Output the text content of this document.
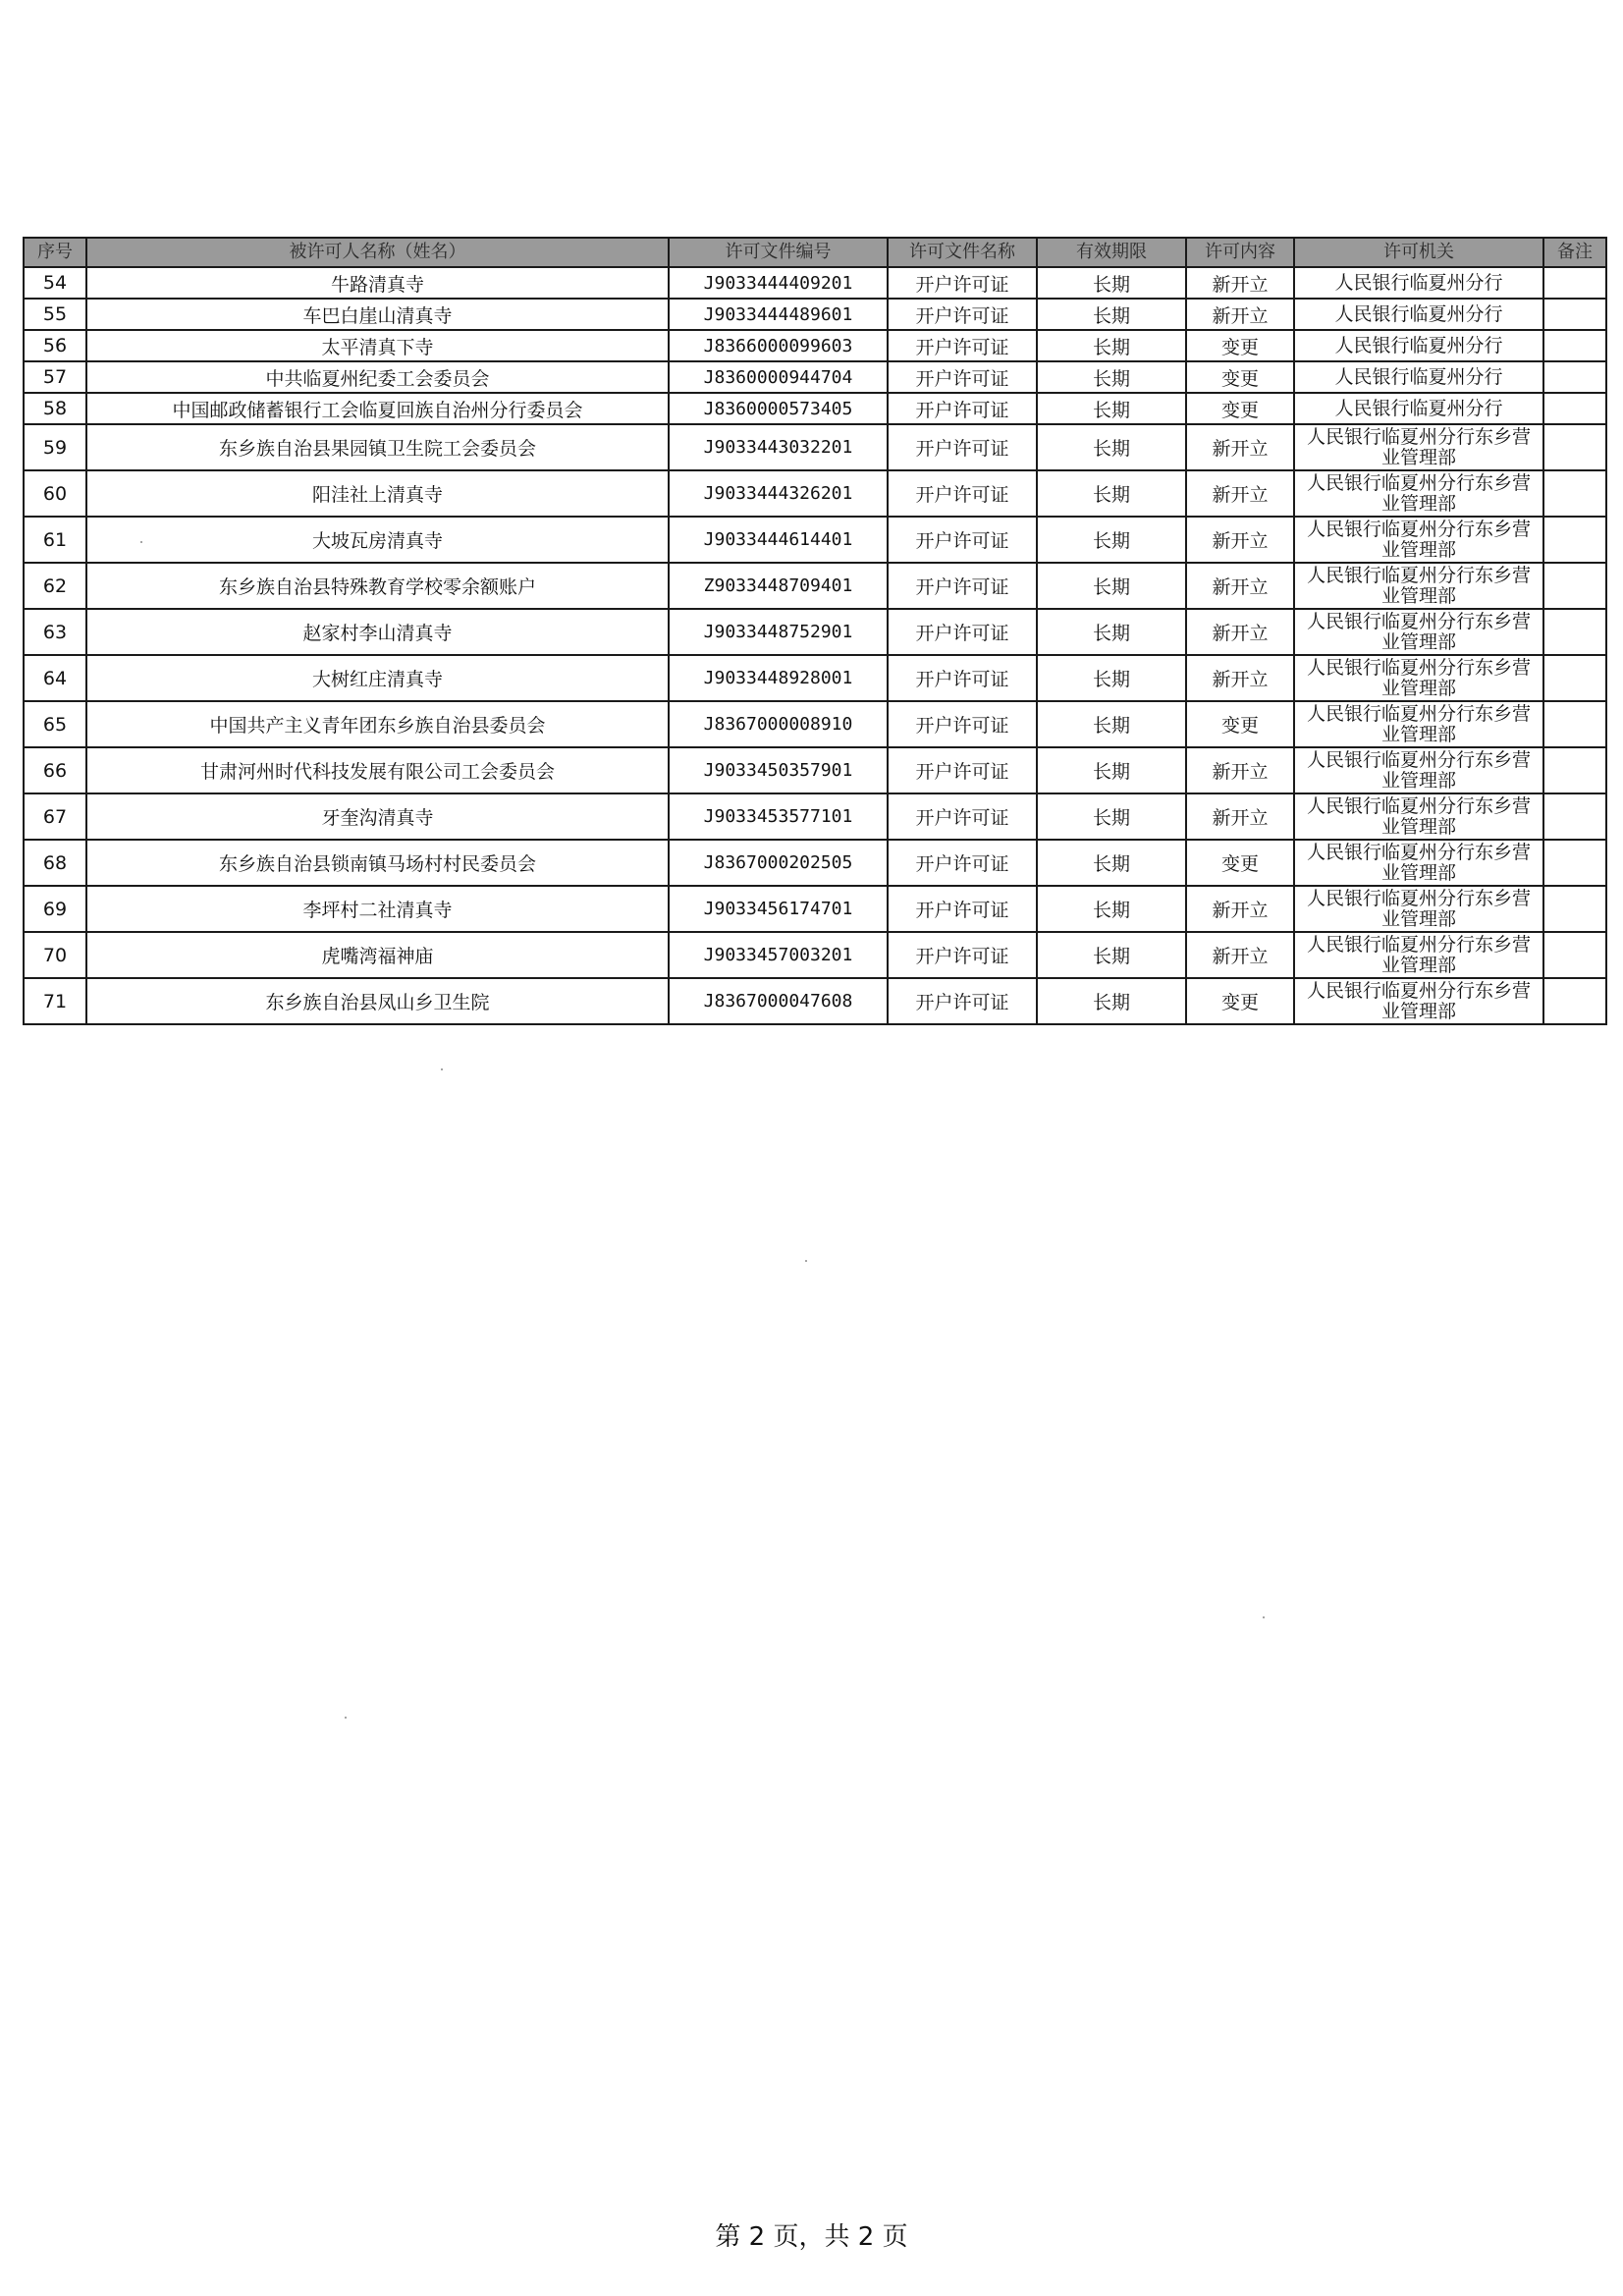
序号	被许可人名称（姓名）	许可文件编号	许可文件名称	有效期限	许可内容	许可机关	备注
54	牛路清真寺	J9033444409201	开户许可证	长期	新开立	人民银行临夏州分行	
55	车巴白崖山清真寺	J9033444489601	开户许可证	长期	新开立	人民银行临夏州分行	
56	太平清真下寺	J8366000099603	开户许可证	长期	变更	人民银行临夏州分行	
57	中共临夏州纪委工会委员会	J8360000944704	开户许可证	长期	变更	人民银行临夏州分行	
58	中国邮政储蓄银行工会临夏回族自治州分行委员会	J8360000573405	开户许可证	长期	变更	人民银行临夏州分行	
59	东乡族自治县果园镇卫生院工会委员会	J9033443032201	开户许可证	长期	新开立	人民银行临夏州分行东乡营业管理部	
60	阳洼社上清真寺	J9033444326201	开户许可证	长期	新开立	人民银行临夏州分行东乡营业管理部	
61	大坡瓦房清真寺	J9033444614401	开户许可证	长期	新开立	人民银行临夏州分行东乡营业管理部	
62	东乡族自治县特殊教育学校零余额账户	Z9033448709401	开户许可证	长期	新开立	人民银行临夏州分行东乡营业管理部	
63	赵家村李山清真寺	J9033448752901	开户许可证	长期	新开立	人民银行临夏州分行东乡营业管理部	
64	大树红庄清真寺	J9033448928001	开户许可证	长期	新开立	人民银行临夏州分行东乡营业管理部	
65	中国共产主义青年团东乡族自治县委员会	J8367000008910	开户许可证	长期	变更	人民银行临夏州分行东乡营业管理部	
66	甘肃河州时代科技发展有限公司工会委员会	J9033450357901	开户许可证	长期	新开立	人民银行临夏州分行东乡营业管理部	
67	牙奎沟清真寺	J9033453577101	开户许可证	长期	新开立	人民银行临夏州分行东乡营业管理部	
68	东乡族自治县锁南镇马场村村民委员会	J8367000202505	开户许可证	长期	变更	人民银行临夏州分行东乡营业管理部	
69	李坪村二社清真寺	J9033456174701	开户许可证	长期	新开立	人民银行临夏州分行东乡营业管理部	
70	虎嘴湾福神庙	J9033457003201	开户许可证	长期	新开立	人民银行临夏州分行东乡营业管理部	
71	东乡族自治县凤山乡卫生院	J8367000047608	开户许可证	长期	变更	人民银行临夏州分行东乡营业管理部	
第 2 页，共 2 页
